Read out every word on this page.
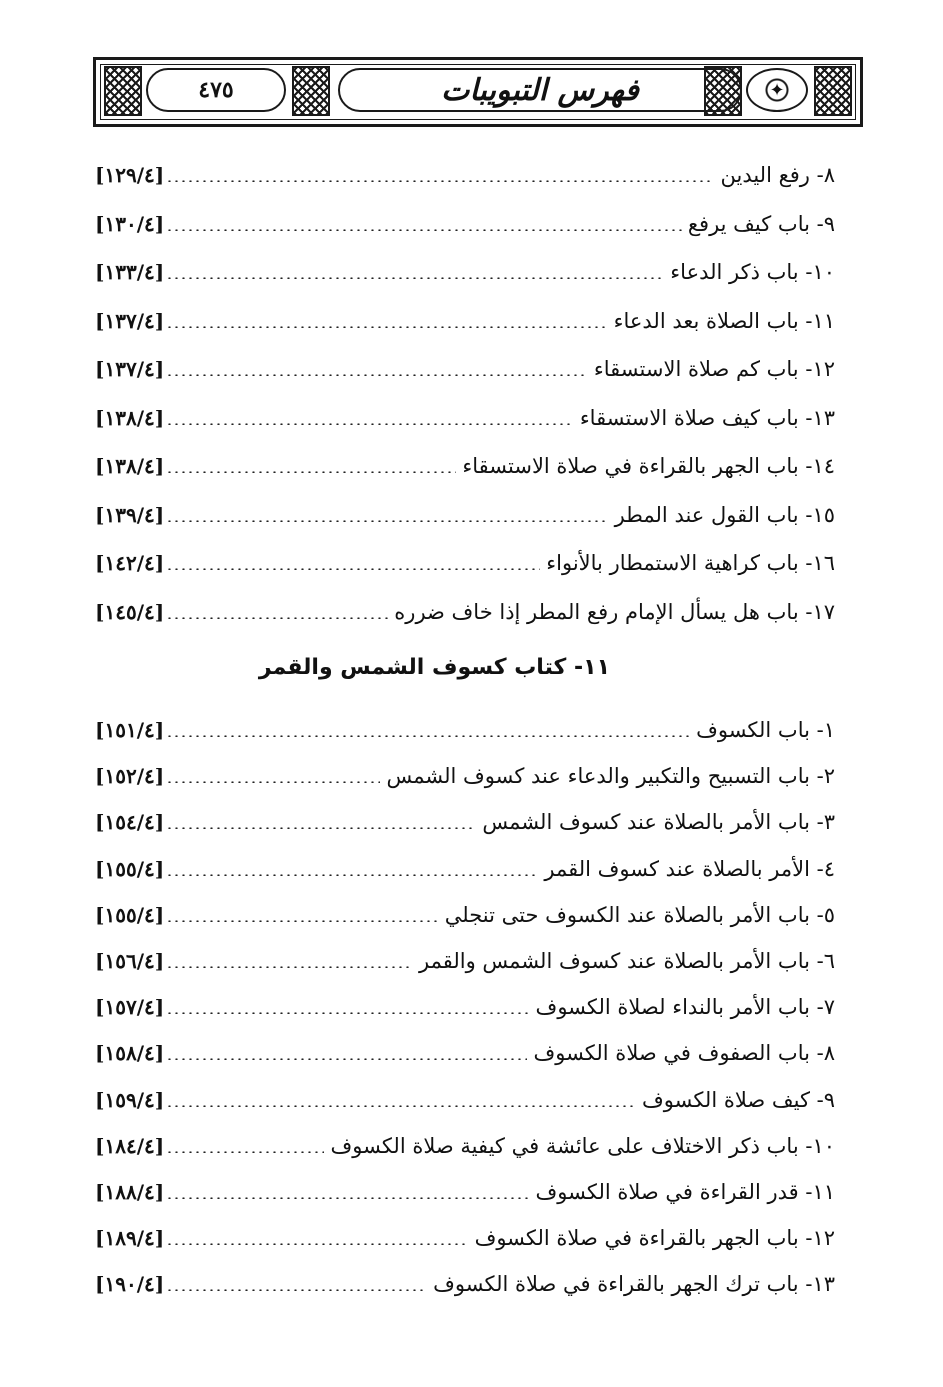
٤٧٥	فهرس التبويبات	✦
٨- رفع اليدين
[١٢٩/٤]
٩- باب كيف يرفع
[١٣٠/٤]
١٠- باب ذكر الدعاء
[١٣٣/٤]
١١- باب الصلاة بعد الدعاء
[١٣٧/٤]
١٢- باب كم صلاة الاستسقاء
[١٣٧/٤]
١٣- باب كيف صلاة الاستسقاء
[١٣٨/٤]
١٤- باب الجهر بالقراءة في صلاة الاستسقاء
[١٣٨/٤]
١٥- باب القول عند المطر
[١٣٩/٤]
١٦- باب كراهية الاستمطار بالأنواء
[١٤٢/٤]
١٧- باب هل يسأل الإمام رفع المطر إذا خاف ضرره
[١٤٥/٤]
١١- كتاب كسوف الشمس والقمر
١- باب الكسوف
[١٥١/٤]
٢- باب التسبيح والتكبير والدعاء عند كسوف الشمس
[١٥٢/٤]
٣- باب الأمر بالصلاة عند كسوف الشمس
[١٥٤/٤]
٤- الأمر بالصلاة عند كسوف القمر
[١٥٥/٤]
٥- باب الأمر بالصلاة عند الكسوف حتى تنجلي
[١٥٥/٤]
٦- باب الأمر بالصلاة عند كسوف الشمس والقمر
[١٥٦/٤]
٧- باب الأمر بالنداء لصلاة الكسوف
[١٥٧/٤]
٨- باب الصفوف في صلاة الكسوف
[١٥٨/٤]
٩- كيف صلاة الكسوف
[١٥٩/٤]
١٠- باب ذكر الاختلاف على عائشة في كيفية صلاة الكسوف
[١٨٤/٤]
١١- قدر القراءة في صلاة الكسوف
[١٨٨/٤]
١٢- باب الجهر بالقراءة في صلاة الكسوف
[١٨٩/٤]
١٣- باب ترك الجهر بالقراءة في صلاة الكسوف
[١٩٠/٤]
